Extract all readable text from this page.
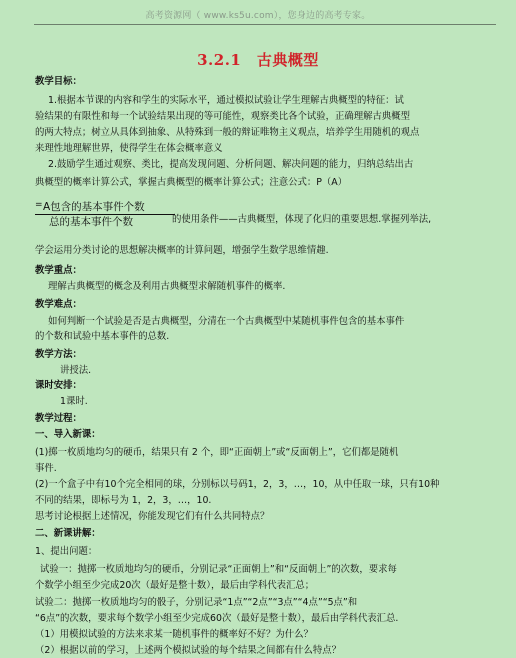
高考资源网（ www.ks5u.com），您身边的高考专家。
3.2.1　古典概型
教学目标：
1.根据本节课的内容和学生的实际水平，通过模拟试验让学生理解古典概型的特征：试
验结果的有限性和每一个试验结果出现的等可能性，观察类比各个试验，正确理解古典概型
的两大特点；树立从具体到抽象、从特殊到一般的辩证唯物主义观点，培养学生用随机的观点
来理性地理解世界，使得学生在体会概率意义
2.鼓励学生通过观察、类比，提高发现问题、分析问题、解决问题的能力，归纳总结出古
典概型的概率计算公式，掌握古典概型的概率计算公式；注意公式：P（A）
= A包含的基本事件个数
总的基本事件个数	的使用条件——古典概型，体现了化归的重要思想.掌握列举法,
学会运用分类讨论的思想解决概率的计算问题，增强学生数学思维情趣.
教学重点：
理解古典概型的概念及利用古典概型求解随机事件的概率.
教学难点：
如何判断一个试验是否是古典概型，分清在一个古典概型中某随机事件包含的基本事件
的个数和试验中基本事件的总数.
教学方法：
讲授法.
课时安排：
1课时.
教学过程：
一、导入新课：
(1)掷一枚质地均匀的硬币，结果只有 2 个，即“正面朝上”或“反面朝上”，它们都是随机
事件.
(2)一个盒子中有10个完全相同的球，分别标以号码1，2，3，…，10，从中任取一球，只有10种
不同的结果，即标号为 1，2，3，…，10.
思考讨论根据上述情况，你能发现它们有什么共同特点？
二、新课讲解：
1、提出问题：
试验一：抛掷一枚质地均匀的硬币，分别记录“正面朝上”和“反面朝上”的次数，要求每
个数学小组至少完成20次（最好是整十数），最后由学科代表汇总；
试验二：抛掷一枚质地均匀的骰子，分别记录“1点”“2点”“3点”“4点”“5点”和
“6点”的次数，要求每个数学小组至少完成60次（最好是整十数），最后由学科代表汇总.
（1）用模拟试验的方法来求某一随机事件的概率好不好？为什么？
（2）根据以前的学习，上述两个模拟试验的每个结果之间都有什么特点？
